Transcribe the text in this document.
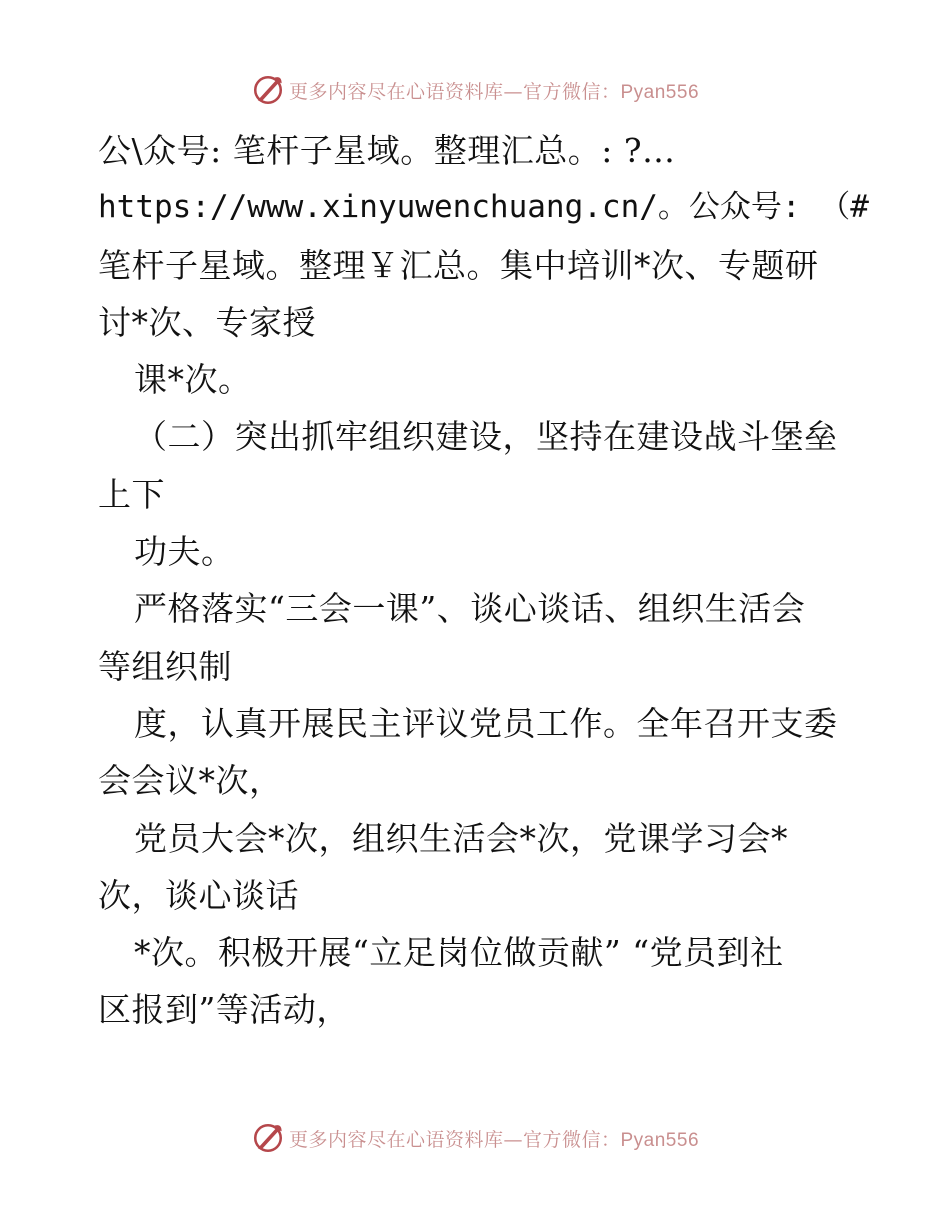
更多内容尽在心语资料库—官方微信：Pyan556
公\众号: 笔杆子星域。整理汇总。: ?…
https://www.xinyuwenchuang.cn/。公众号: （#
笔杆子星域。整理￥汇总。集中培训*次、专题研
讨*次、专家授
课*次。
（二）突出抓牢组织建设，坚持在建设战斗堡垒
上下
功夫。
严格落实“三会一课”、谈心谈话、组织生活会
等组织制
度，认真开展民主评议党员工作。全年召开支委
会会议*次，
党员大会*次，组织生活会*次，党课学习会*
次，谈心谈话
*次。积极开展“立足岗位做贡献” “党员到社
区报到”等活动，
更多内容尽在心语资料库—官方微信：Pyan556
